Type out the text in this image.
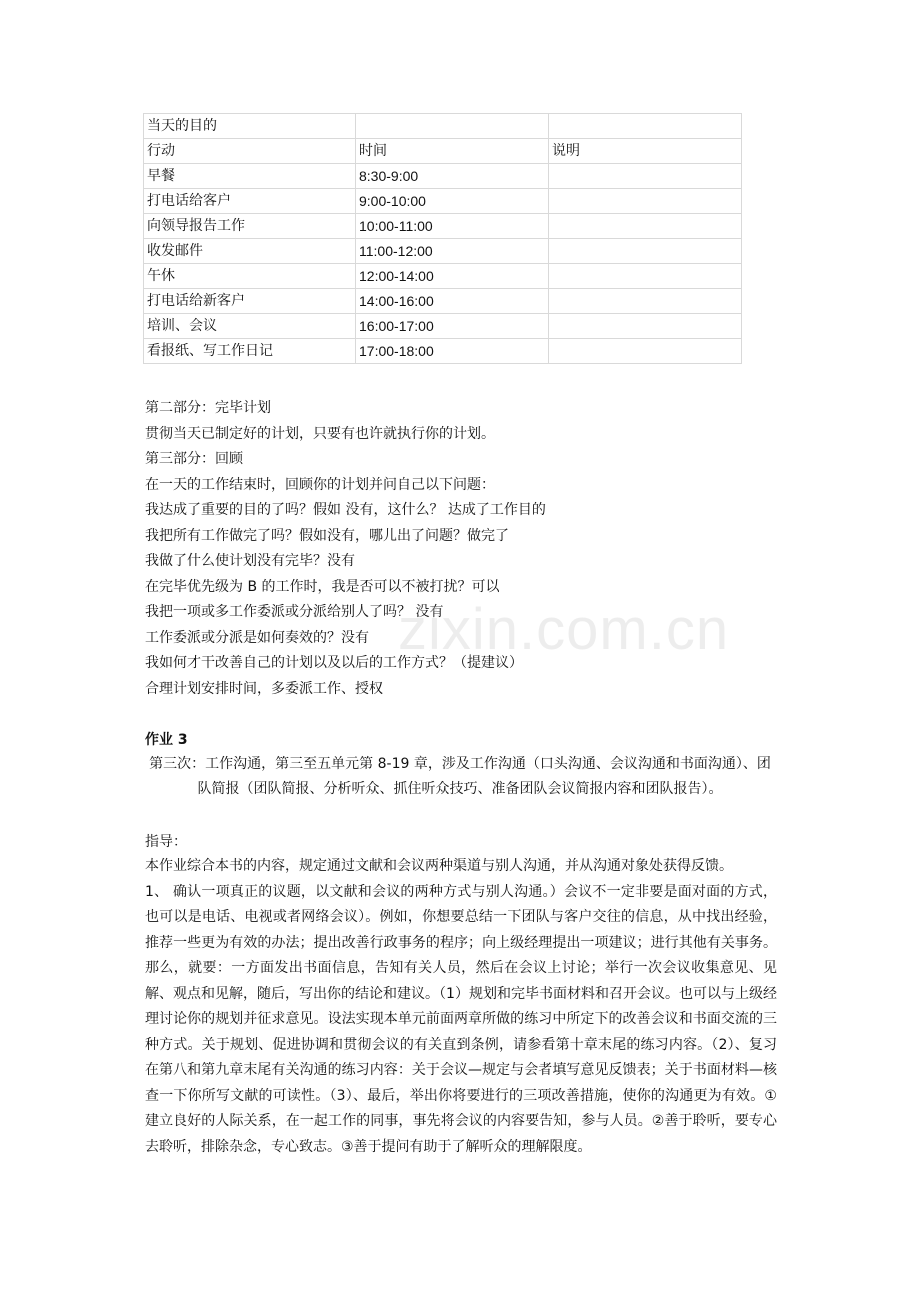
当天的目的		
行动	时间	说明
早餐	8:30-9:00	
打电话给客户	9:00-10:00	
向领导报告工作	10:00-11:00	
收发邮件	11:00-12:00	
午休	12:00-14:00	
打电话给新客户	14:00-16:00	
培训、会议	16:00-17:00	
看报纸、写工作日记	17:00-18:00	
第二部分：完毕计划
贯彻当天已制定好的计划，只要有也许就执行你的计划。
第三部分：回顾
在一天的工作结束时，回顾你的计划并问自己以下问题：
我达成了重要的目的了吗？假如 没有，这什么？ 达成了工作目的
我把所有工作做完了吗？假如没有，哪儿出了问题？做完了
我做了什么使计划没有完毕？没有
在完毕优先级为 B 的工作时，我是否可以不被打扰？可以
我把一项或多工作委派或分派给别人了吗？ 没有
工作委派或分派是如何奏效的？没有
我如何才干改善自己的计划以及以后的工作方式？（提建议）
合理计划安排时间，多委派工作、授权
作业 3
第三次：工作沟通，第三至五单元第 8-19 章，涉及工作沟通（口头沟通、会议沟通和书面沟通）、团队简报（团队简报、分析听众、抓住听众技巧、准备团队会议简报内容和团队报告）。
指导：
本作业综合本书的内容，规定通过文献和会议两种渠道与别人沟通，并从沟通对象处获得反馈。
1、 确认一项真正的议题，以文献和会议的两种方式与别人沟通。）会议不一定非要是面对面的方式，也可以是电话、电视或者网络会议）。例如，你想要总结一下团队与客户交往的信息，从中找出经验，推荐一些更为有效的办法；提出改善行政事务的程序；向上级经理提出一项建议；进行其他有关事务。那么，就要：一方面发出书面信息，告知有关人员，然后在会议上讨论；举行一次会议收集意见、见解、观点和见解，随后，写出你的结论和建议。（1）规划和完毕书面材料和召开会议。也可以与上级经理讨论你的规划并征求意见。设法实现本单元前面两章所做的练习中所定下的改善会议和书面交流的三种方式。关于规划、促进协调和贯彻会议的有关直到条例，请参看第十章末尾的练习内容。（2）、复习在第八和第九章末尾有关沟通的练习内容：关于会议—规定与会者填写意见反馈表；关于书面材料—核查一下你所写文献的可读性。（3）、最后，举出你将要进行的三项改善措施，使你的沟通更为有效。①建立良好的人际关系，在一起工作的同事，事先将会议的内容要告知，参与人员。②善于聆听，要专心去聆听，排除杂念，专心致志。③善于提问有助于了解听众的理解限度。
zixin.com.cn
